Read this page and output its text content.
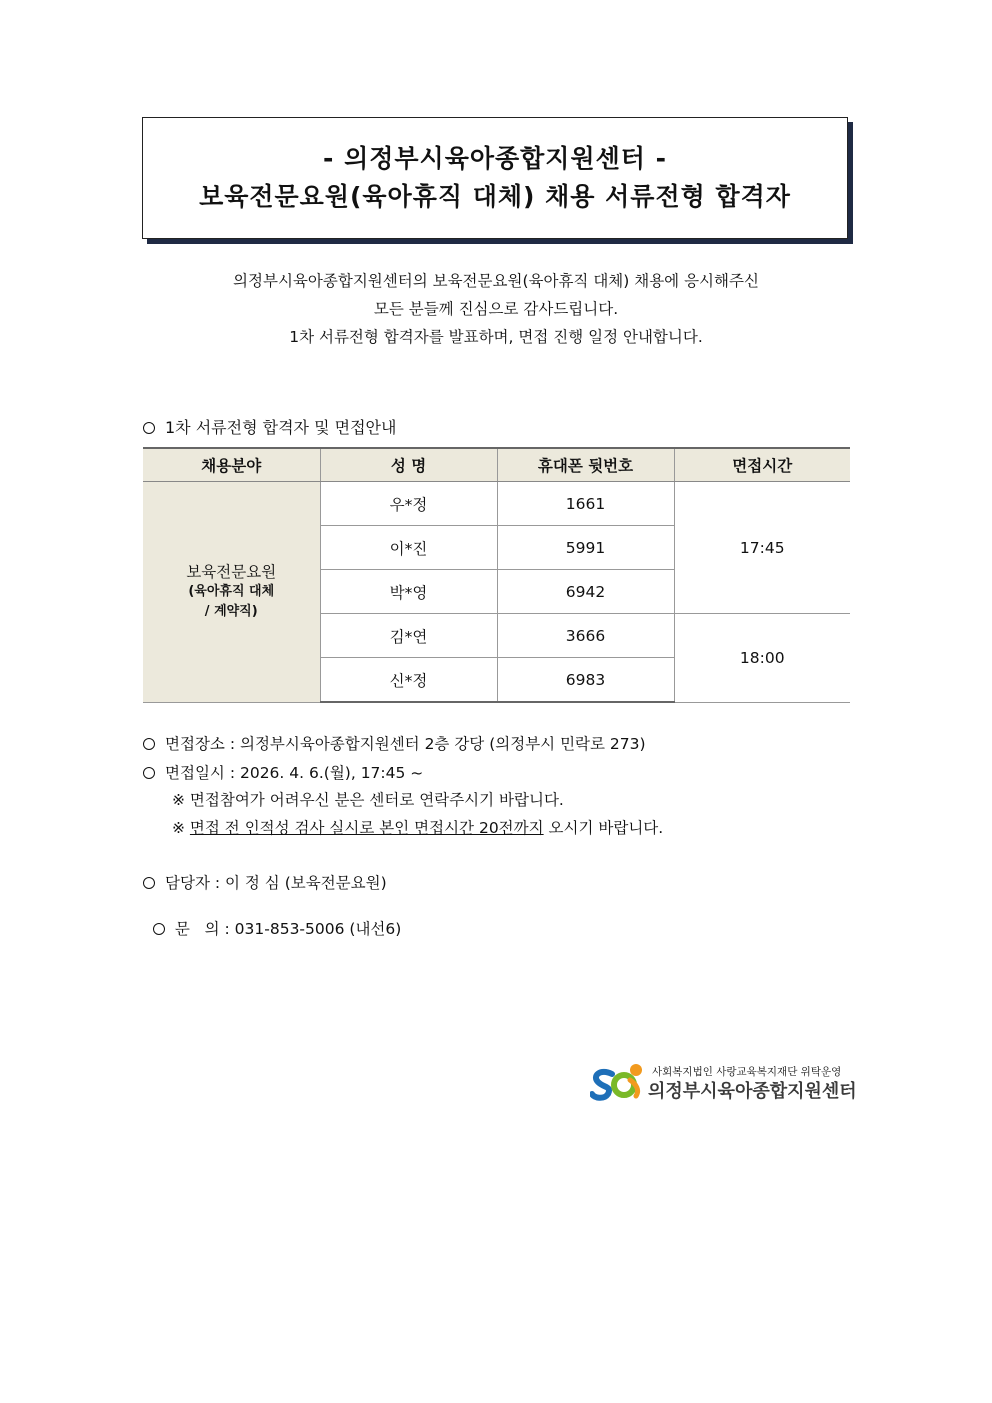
- 의정부시육아종합지원센터 -
보육전문요원(육아휴직 대체) 채용 서류전형 합격자
의정부시육아종합지원센터의 보육전문요원(육아휴직 대체) 채용에 응시해주신
모든 분들께 진심으로 감사드립니다.
1차 서류전형 합격자를 발표하며, 면접 진행 일정 안내합니다.
1차 서류전형 합격자 및 면접안내
채용분야	성 명	휴대폰 뒷번호	면접시간

보육전문요원
(육아휴직 대체
/ 계약직)	우*정	1661	17:45
	이*진	5991	
	박*영	6942	
	김*연	3666	18:00
	신*정	6983	
면접장소 : 의정부시육아종합지원센터 2층 강당 (의정부시 민락로 273)
면접일시 : 2026. 4. 6.(월), 17:45 ~
※ 면접참여가 어려우신 분은 센터로 연락주시기 바랍니다.
※ 면접 전 인적성 검사 실시로 본인 면접시간 20전까지 오시기 바랍니다.
담당자 : 이 정 심 (보육전문요원)

문   의 : 031-853-5006 (내선6)

사회복지법인 사랑교육복지재단 위탁운영
의정부시육아종합지원센터
